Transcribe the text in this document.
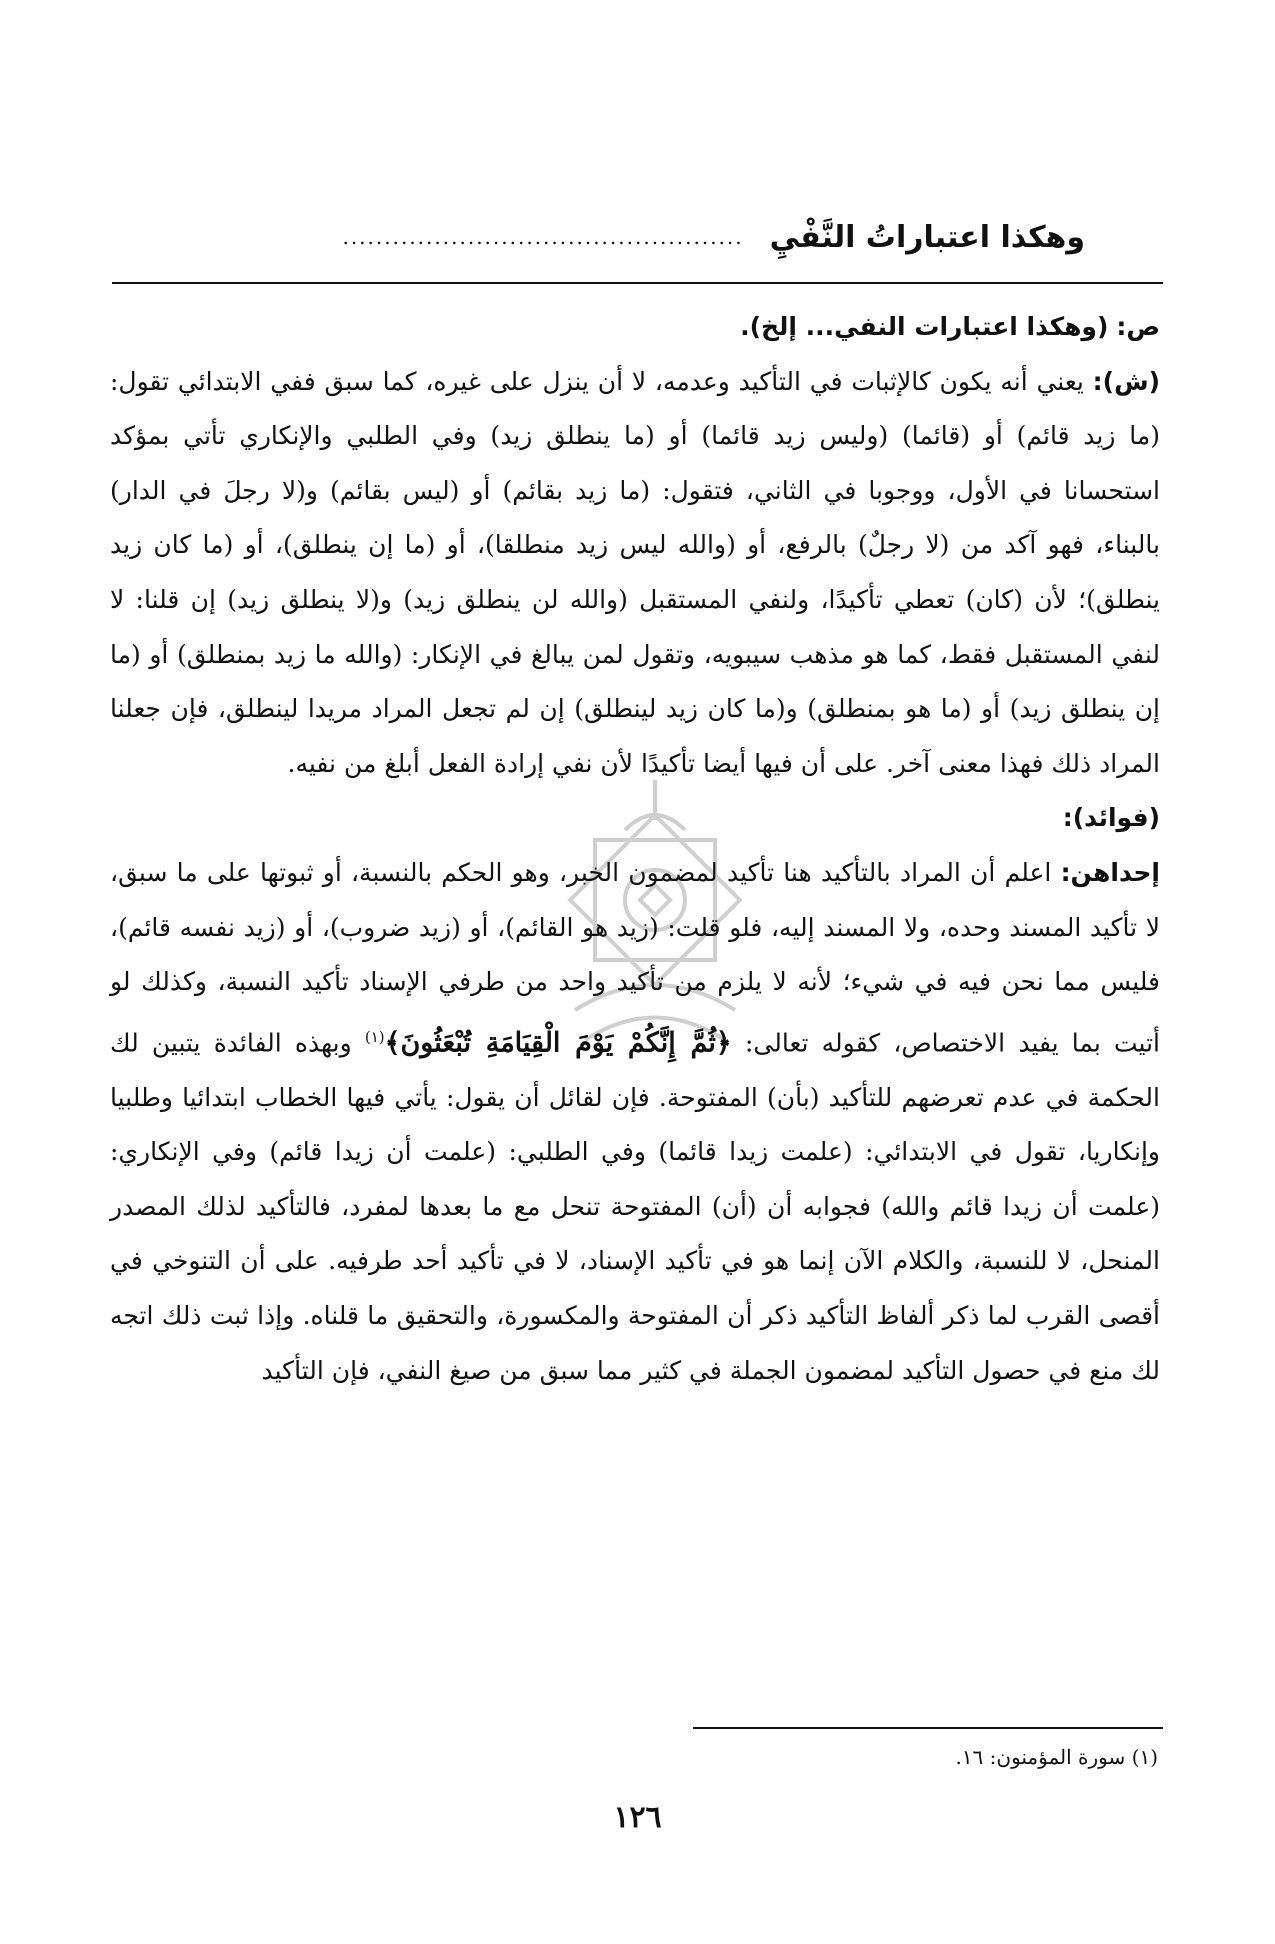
وهكذا اعتباراتُ النَّفْيِ
................................................

ص: (وهكذا اعتبارات النفي... إلخ).

(ش): يعني أنه يكون كالإثبات في التأكيد وعدمه، لا أن ينزل على غيره، كما سبق ففي الابتدائي تقول: (ما زيد قائم) أو (قائما) (وليس زيد قائما) أو (ما ينطلق زيد) وفي الطلبي والإنكاري تأتي بمؤكد استحسانا في الأول، ووجوبا في الثاني، فتقول: (ما زيد بقائم) أو (ليس بقائم) و(لا رجلَ في الدار) بالبناء، فهو آكد من (لا رجلٌ) بالرفع، أو (والله ليس زيد منطلقا)، أو (ما إن ينطلق)، أو (ما كان زيد ينطلق)؛ لأن (كان) تعطي تأكيدًا، ولنفي المستقبل (والله لن ينطلق زيد) و(لا ينطلق زيد) إن قلنا: لا لنفي المستقبل فقط، كما هو مذهب سيبويه، وتقول لمن يبالغ في الإنكار: (والله ما زيد بمنطلق) أو (ما إن ينطلق زيد) أو (ما هو بمنطلق) و(ما كان زيد لينطلق) إن لم تجعل المراد مريدا لينطلق، فإن جعلنا المراد ذلك فهذا معنى آخر. على أن فيها أيضا تأكيدًا لأن نفي إرادة الفعل أبلغ من نفيه.

(فوائد):

إحداهن: اعلم أن المراد بالتأكيد هنا تأكيد لمضمون الخبر، وهو الحكم بالنسبة، أو ثبوتها على ما سبق، لا تأكيد المسند وحده، ولا المسند إليه، فلو قلت: (زيد هو القائم)، أو (زيد ضروب)، أو (زيد نفسه قائم)، فليس مما نحن فيه في شيء؛ لأنه لا يلزم من تأكيد واحد من طرفي الإسناد تأكيد النسبة، وكذلك لو أتيت بما يفيد الاختصاص، كقوله تعالى: ﴿ثُمَّ إِنَّكُمْ يَوْمَ الْقِيَامَةِ تُبْعَثُونَ﴾$^{(١)}$ وبهذه الفائدة يتبين لك الحكمة في عدم تعرضهم للتأكيد (بأن) المفتوحة. فإن لقائل أن يقول: يأتي فيها الخطاب ابتدائيا وطلبيا وإنكاريا، تقول في الابتدائي: (علمت زيدا قائما) وفي الطلبي: (علمت أن زيدا قائم) وفي الإنكاري: (علمت أن زيدا قائم والله) فجوابه أن (أن) المفتوحة تنحل مع ما بعدها لمفرد، فالتأكيد لذلك المصدر المنحل، لا للنسبة، والكلام الآن إنما هو في تأكيد الإسناد، لا في تأكيد أحد طرفيه. على أن التنوخي في أقصى القرب لما ذكر ألفاظ التأكيد ذكر أن المفتوحة والمكسورة، والتحقيق ما قلناه. وإذا ثبت ذلك اتجه لك منع في حصول التأكيد لمضمون الجملة في كثير مما سبق من صيغ النفي، فإن التأكيد

(١) سورة المؤمنون: ١٦.
١٢٦
